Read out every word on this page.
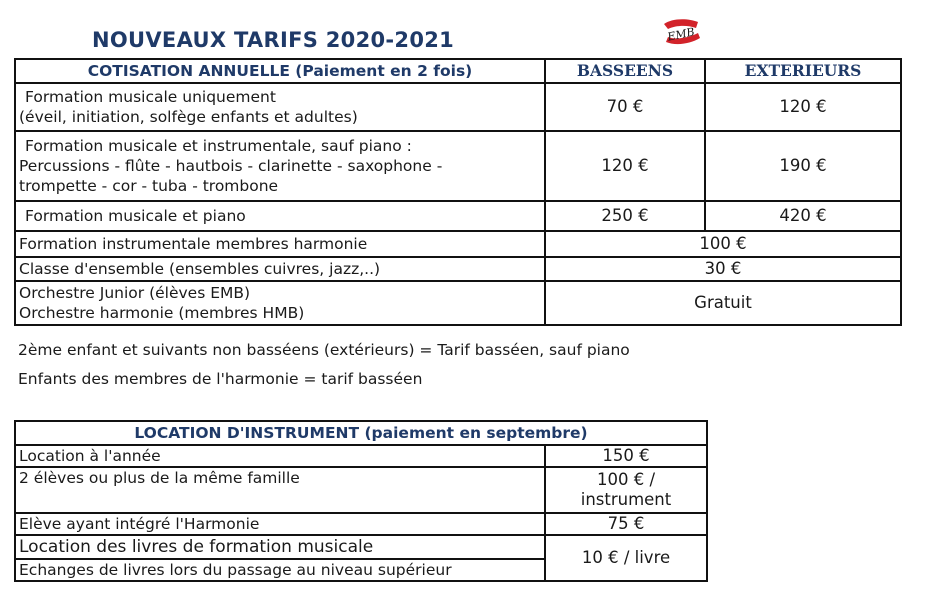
NOUVEAUX TARIFS 2020-2021	EMB
COTISATION ANNUELLE (Paiement en 2 fois)	BASSEENS	EXTERIEURS

Formation musicale uniquement
(éveil, initiation, solfège enfants et adultes)	70 €	120 €

Formation musicale et instrumentale, sauf piano :
Percussions - flûte - hautbois - clarinette - saxophone -
trompette - cor - tuba - trombone	120 €	190 €

Formation musicale et piano	250 €	420 €

Formation instrumentale membres harmonie	100 €	

Classe d'ensemble (ensembles cuivres, jazz,..)	30 €	

Orchestre Junior (élèves EMB)
Orchestre harmonie (membres HMB)	Gratuit	

2ème enfant et suivants non basséens (extérieurs) = Tarif basséen, sauf piano

Enfants des membres de l'harmonie = tarif basséen

LOCATION D'INSTRUMENT (paiement en septembre)	

Location à l'année	150 €

2 élèves ou plus de la même famille	100 € /
instrument

Elève ayant intégré l'Harmonie	75 €

Location des livres de formation musicale	10 € / livre

Echanges de livres lors du passage au niveau supérieur	
